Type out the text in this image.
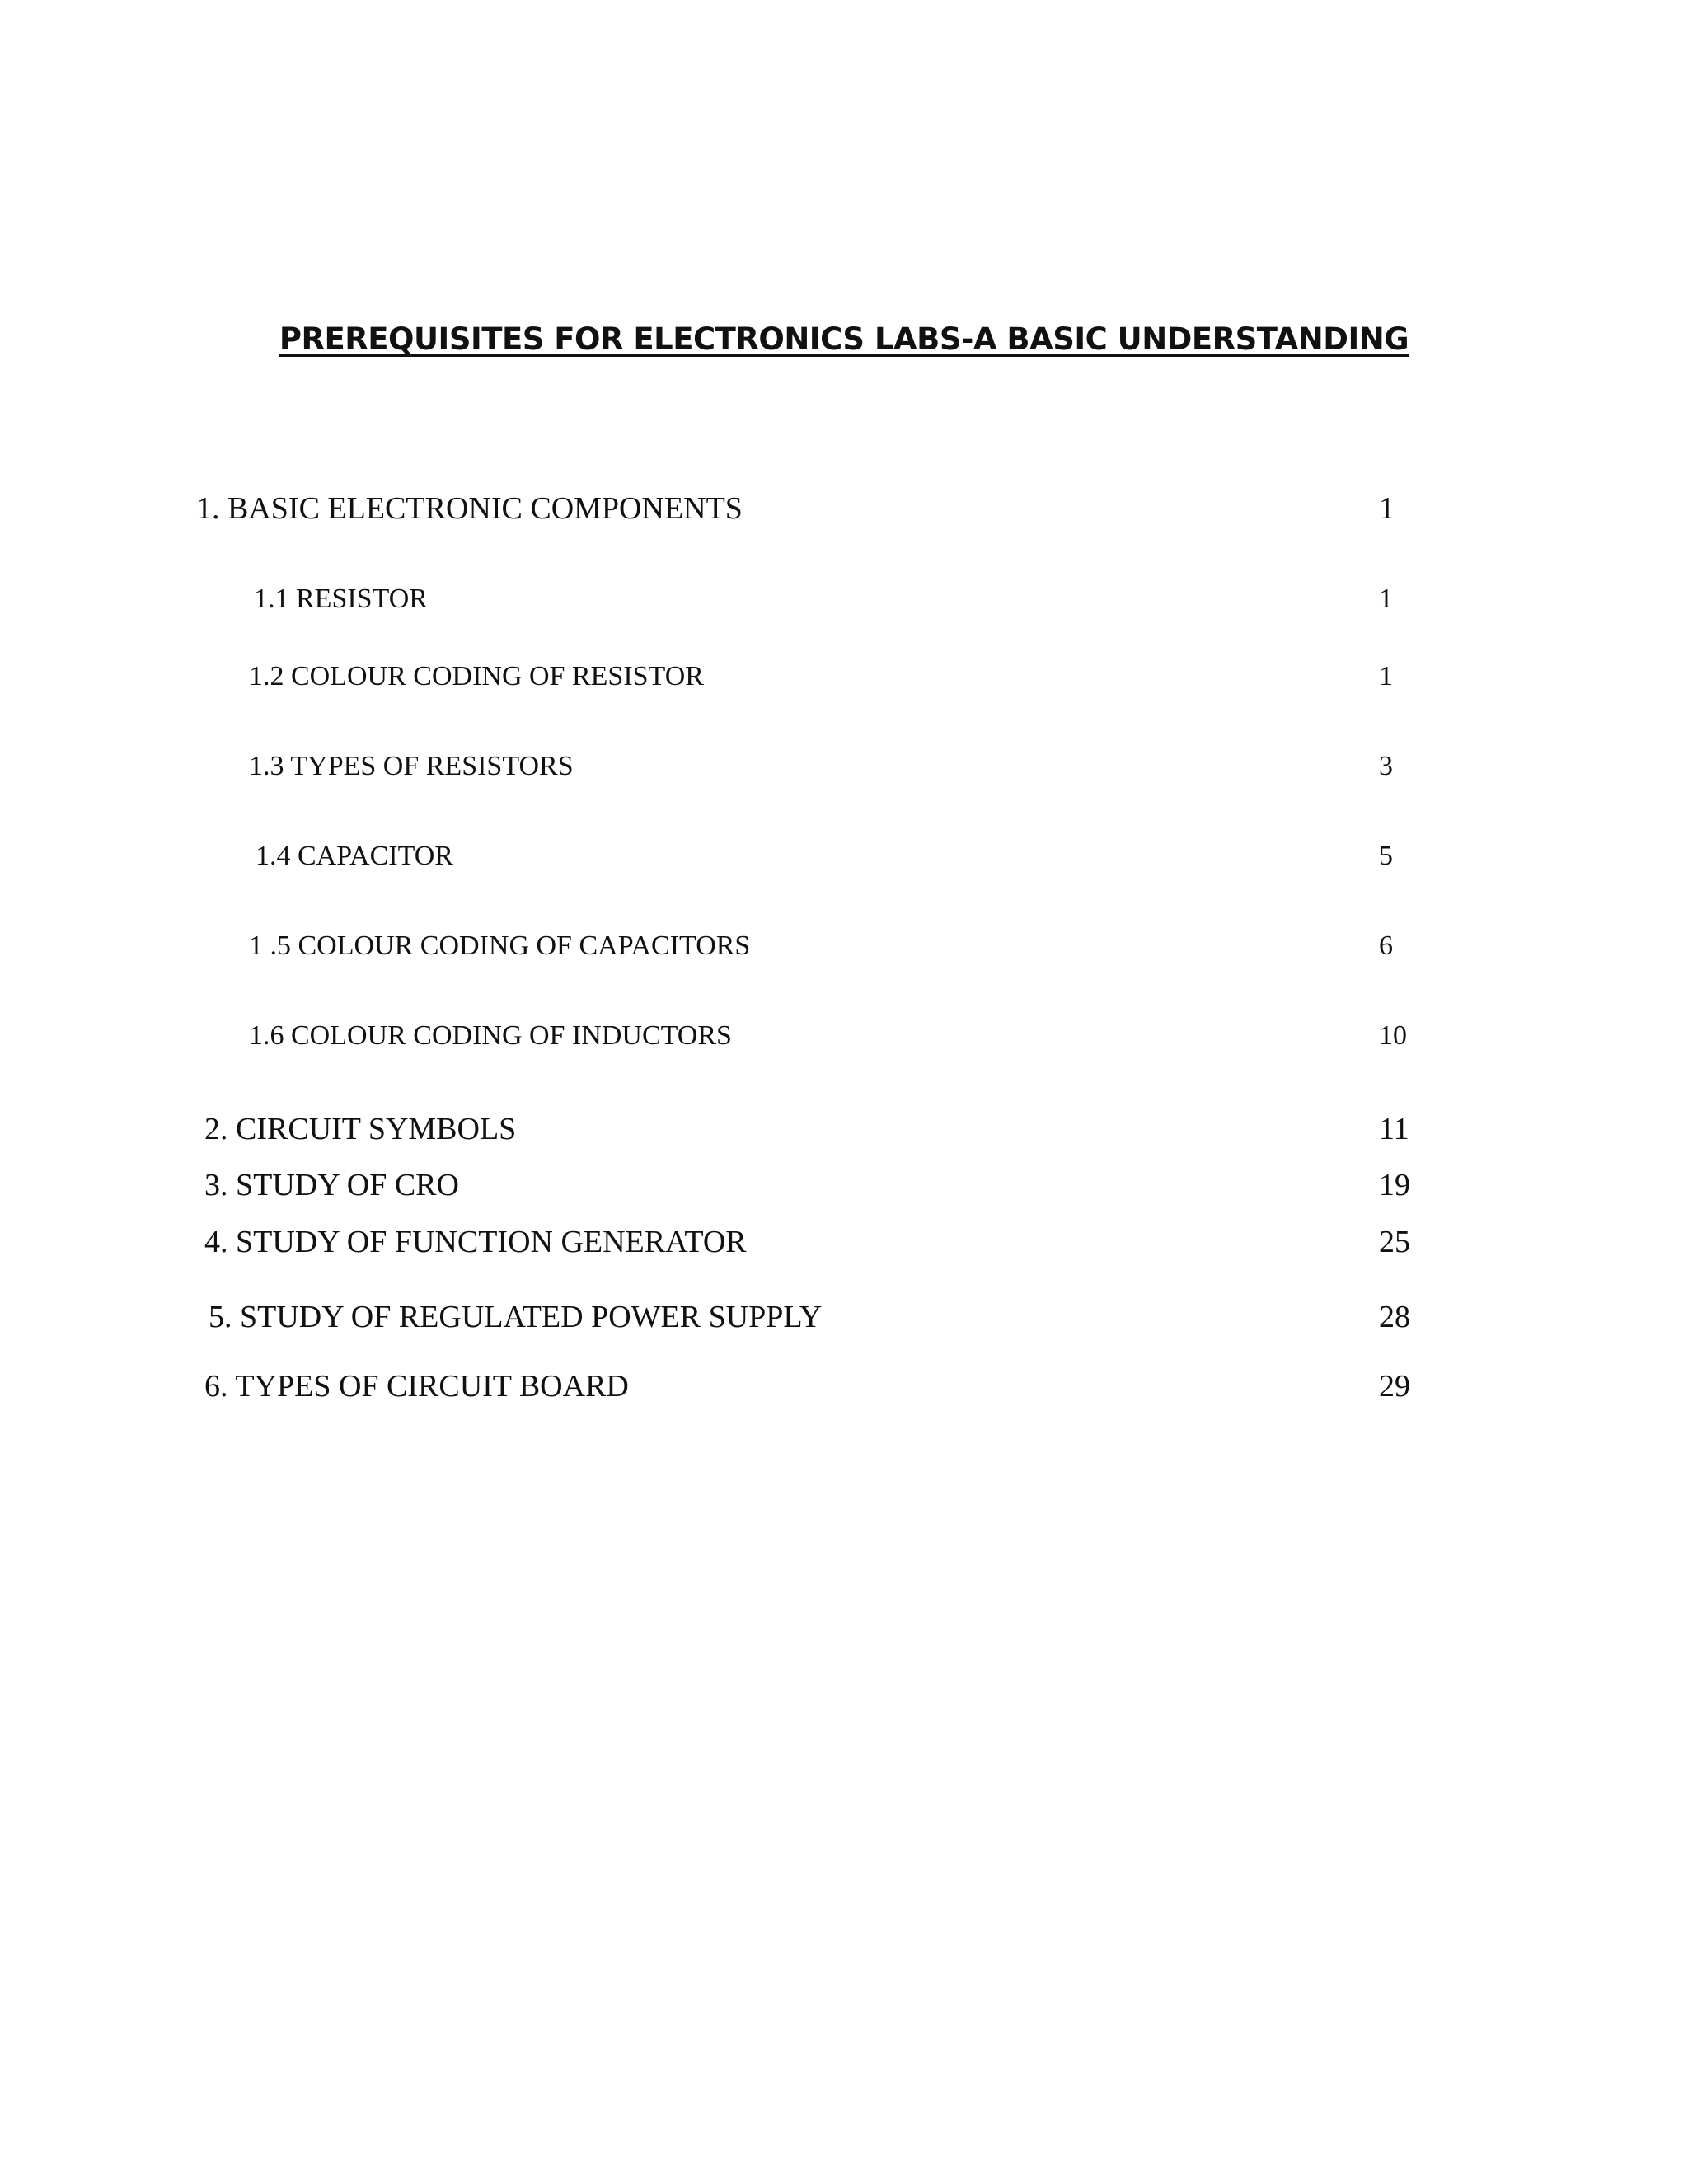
PREREQUISITES FOR ELECTRONICS LABS-A BASIC UNDERSTANDING
1. BASIC ELECTRONIC COMPONENTS	1
1.1 RESISTOR	1
1.2 COLOUR CODING OF RESISTOR	1
1.3 TYPES OF RESISTORS	3
1.4 CAPACITOR	5
1 .5 COLOUR CODING OF CAPACITORS	6
1.6 COLOUR CODING OF INDUCTORS	10
2. CIRCUIT SYMBOLS	11
3. STUDY OF CRO	19
4. STUDY OF FUNCTION GENERATOR	25
5. STUDY OF REGULATED POWER SUPPLY	28
6. TYPES OF CIRCUIT BOARD	29
